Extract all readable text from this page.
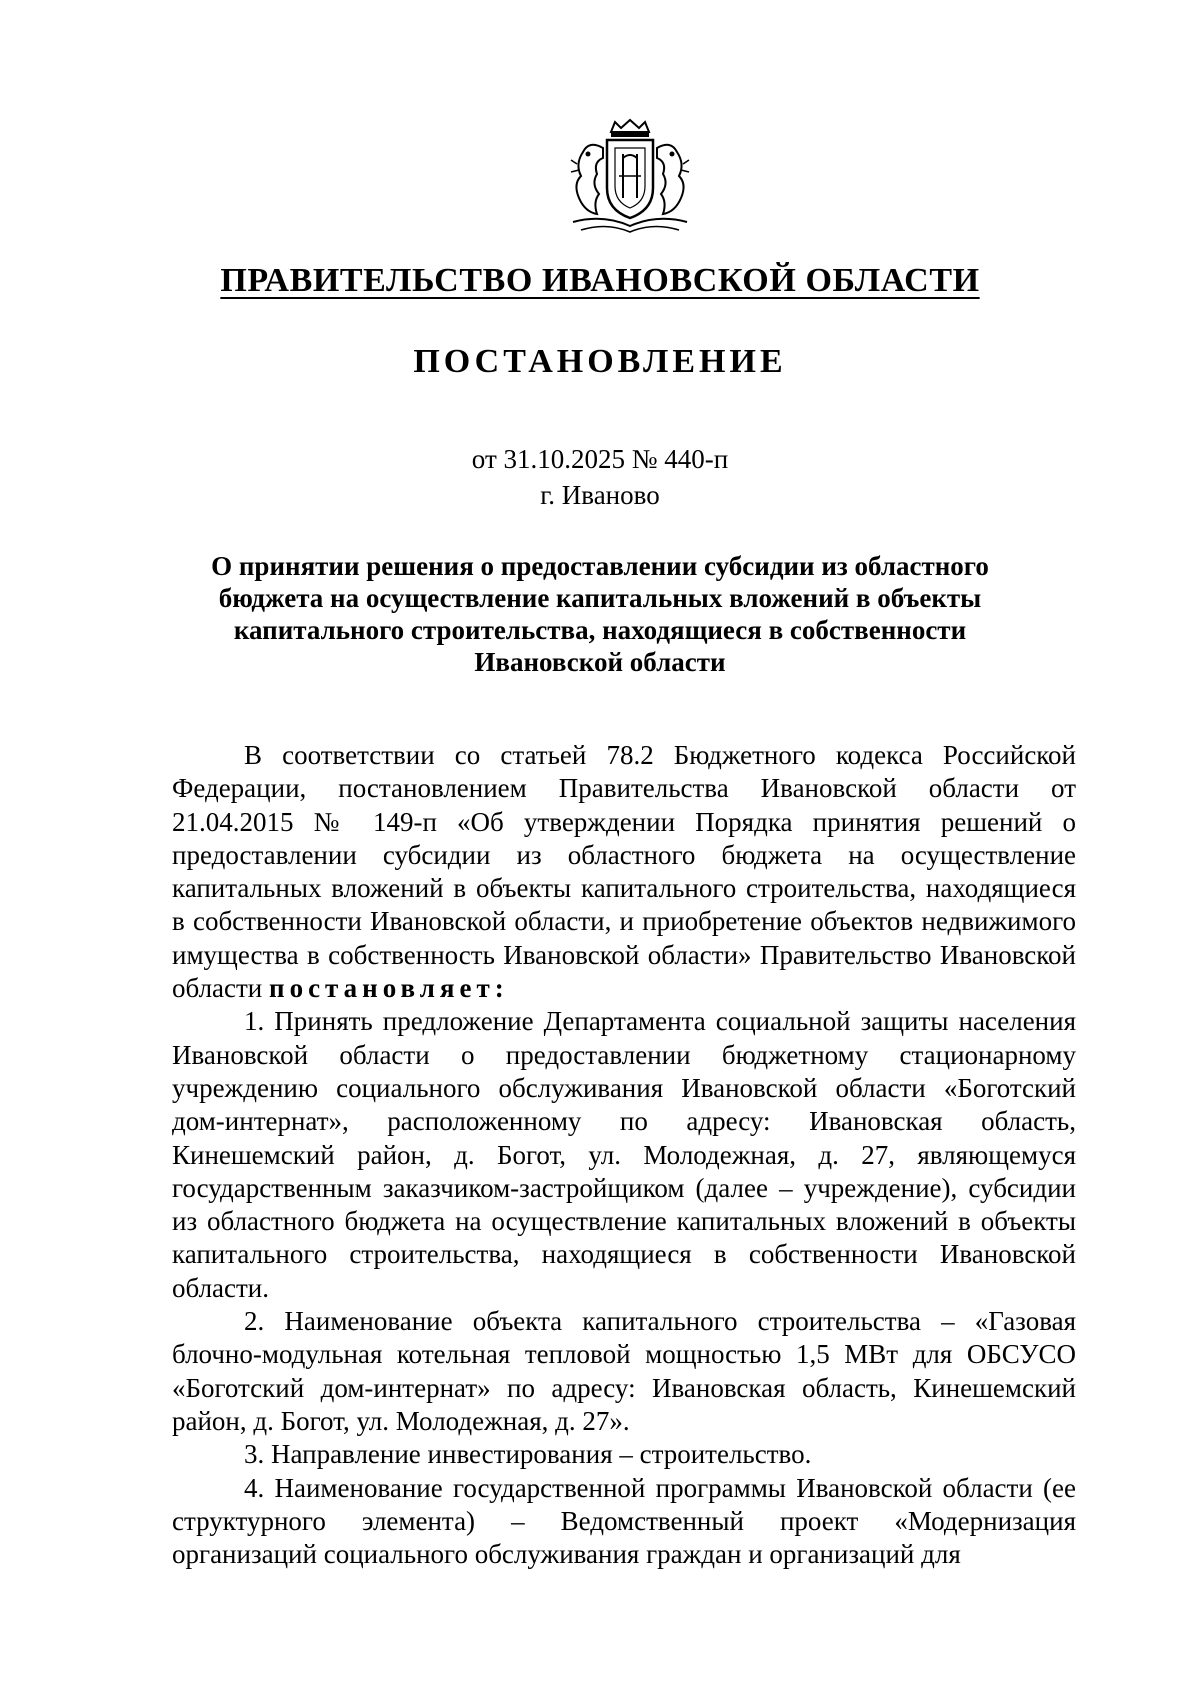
ПРАВИТЕЛЬСТВО ИВАНОВСКОЙ ОБЛАСТИ
ПОСТАНОВЛЕНИЕ
от 31.10.2025 № 440-п
г. Иваново
О принятии решения о предоставлении субсидии из областного
бюджета на осуществление капитальных вложений в объекты
капитального строительства, находящиеся в собственности
Ивановской области

В соответствии со статьей 78.2 Бюджетного кодекса Российской Федерации, постановлением Правительства Ивановской области от 21.04.2015 № 149-п «Об утверждении Порядка принятия решений о предоставлении субсидии из областного бюджета на осуществление капитальных вложений в объекты капитального строительства, находящиеся в собственности Ивановской области, и приобретение объектов недвижимого имущества в собственность Ивановской области» Правительство Ивановской области постановляет:

1. Принять предложение Департамента социальной защиты населения Ивановской области о предоставлении бюджетному стационарному учреждению социального обслуживания Ивановской области «Боготский дом-интернат», расположенному по адресу: Ивановская область, Кинешемский район, д. Богот, ул. Молодежная, д. 27, являющемуся государственным заказчиком-застройщиком (далее – учреждение), субсидии из областного бюджета на осуществление капитальных вложений в объекты капитального строительства, находящиеся в собственности Ивановской области.

2. Наименование объекта капитального строительства – «Газовая блочно-модульная котельная тепловой мощностью 1,5 МВт для ОБСУСО «Боготский дом-интернат» по адресу: Ивановская область, Кинешемский район, д. Богот, ул. Молодежная, д. 27».

3. Направление инвестирования – строительство.

4. Наименование государственной программы Ивановской области (ее структурного элемента) – Ведомственный проект «Модернизация организаций социального обслуживания граждан и организаций для
